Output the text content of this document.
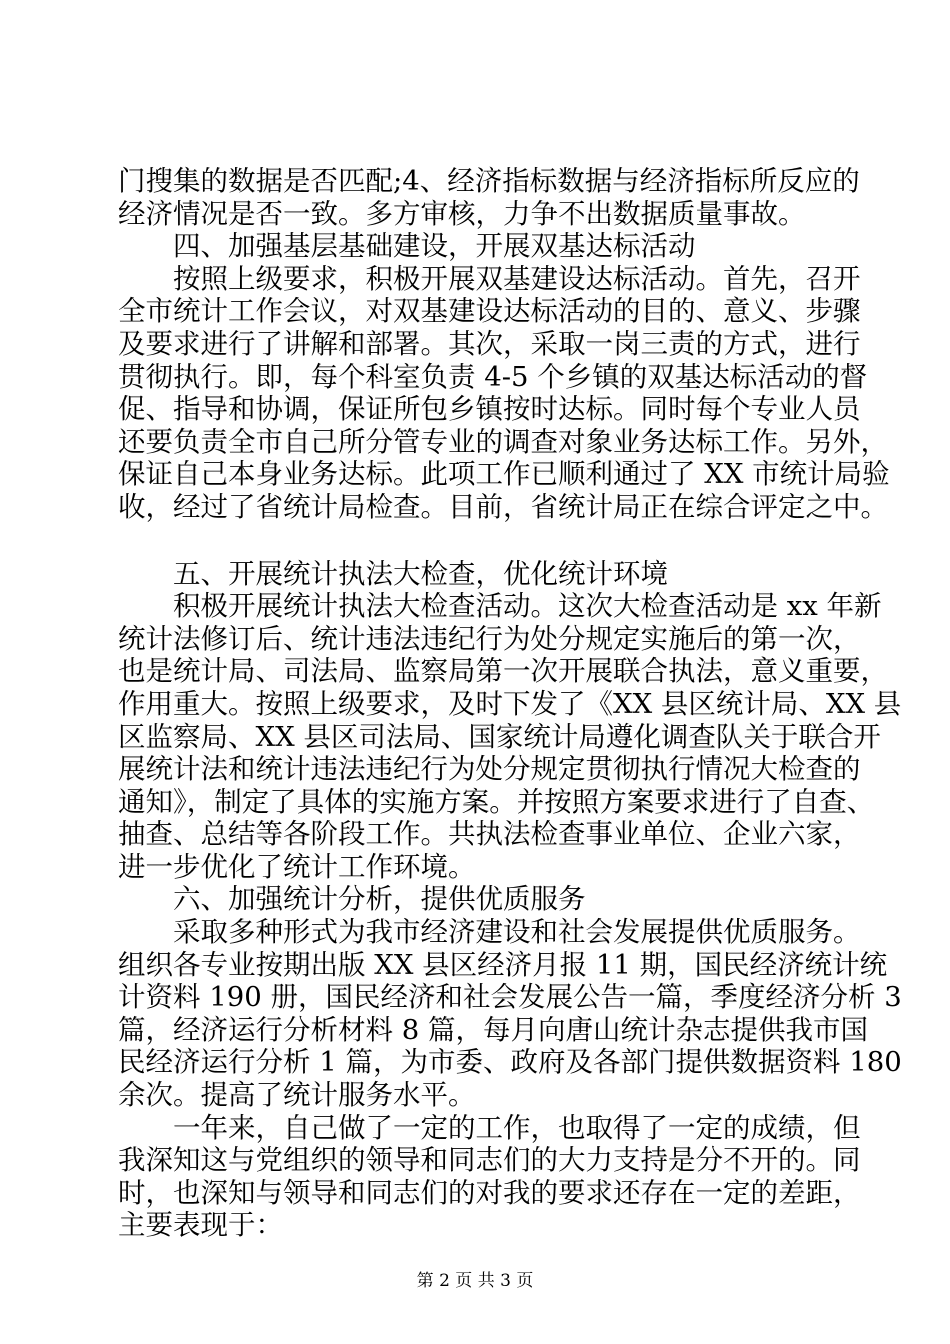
门搜集的数据是否匹配;4、经济指标数据与经济指标所反应的
经济情况是否一致。多方审核，力争不出数据质量事故。
四、加强基层基础建设，开展双基达标活动
按照上级要求，积极开展双基建设达标活动。首先，召开
全市统计工作会议，对双基建设达标活动的目的、意义、步骤
及要求进行了讲解和部署。其次，采取一岗三责的方式，进行
贯彻执行。即，每个科室负责 4-5 个乡镇的双基达标活动的督
促、指导和协调，保证所包乡镇按时达标。同时每个专业人员
还要负责全市自己所分管专业的调查对象业务达标工作。另外，
保证自己本身业务达标。此项工作已顺利通过了 XX 市统计局验
收，经过了省统计局检查。目前，省统计局正在综合评定之中。
五、开展统计执法大检查，优化统计环境
积极开展统计执法大检查活动。这次大检查活动是 xx 年新
统计法修订后、统计违法违纪行为处分规定实施后的第一次，
也是统计局、司法局、监察局第一次开展联合执法，意义重要，
作用重大。按照上级要求，及时下发了《XX 县区统计局、XX 县
区监察局、XX 县区司法局、国家统计局遵化调查队关于联合开
展统计法和统计违法违纪行为处分规定贯彻执行情况大检查的
通知》，制定了具体的实施方案。并按照方案要求进行了自查、
抽查、总结等各阶段工作。共执法检查事业单位、企业六家，
进一步优化了统计工作环境。
六、加强统计分析，提供优质服务
采取多种形式为我市经济建设和社会发展提供优质服务。
组织各专业按期出版 XX 县区经济月报 11 期，国民经济统计统
计资料 190 册，国民经济和社会发展公告一篇，季度经济分析 3
篇，经济运行分析材料 8 篇，每月向唐山统计杂志提供我市国
民经济运行分析 1 篇，为市委、政府及各部门提供数据资料 180
余次。提高了统计服务水平。
一年来，自己做了一定的工作，也取得了一定的成绩，但
我深知这与党组织的领导和同志们的大力支持是分不开的。同
时，也深知与领导和同志们的对我的要求还存在一定的差距，
主要表现于：
第 2 页 共 3 页
